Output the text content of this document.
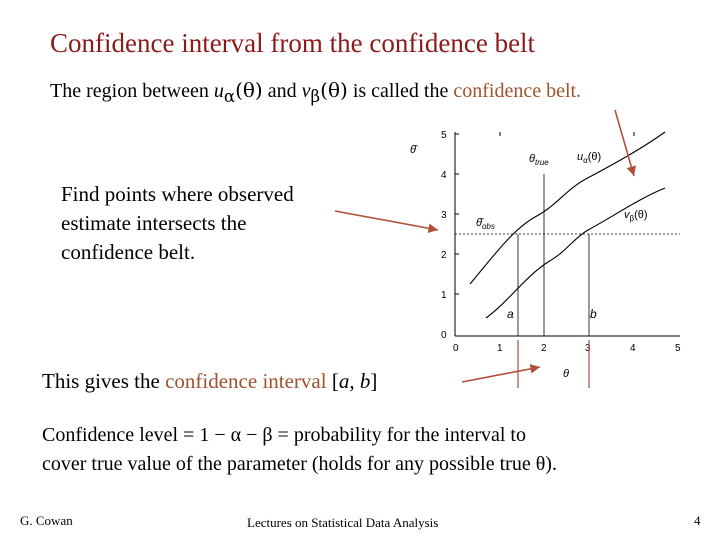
Confidence interval from the confidence belt
The region between $u_\alpha(\theta)$ and $v_\beta(\theta)$ is called the confidence belt.
5
4
3
2
1
0
0	1	2	3	4	5
θ̂
θ
$\theta_{true}$	$u_\alpha(\theta)$
$v_\beta(\theta)$
$\thetâ_{obs}$
a	b
Find points where observed
estimate intersects the
confidence belt.
This gives the confidence interval [a, b]
Confidence level = 1 − α − β = probability for the interval to
cover true value of the parameter (holds for any possible true θ).
G. Cowan	Lectures on Statistical Data Analysis	4
